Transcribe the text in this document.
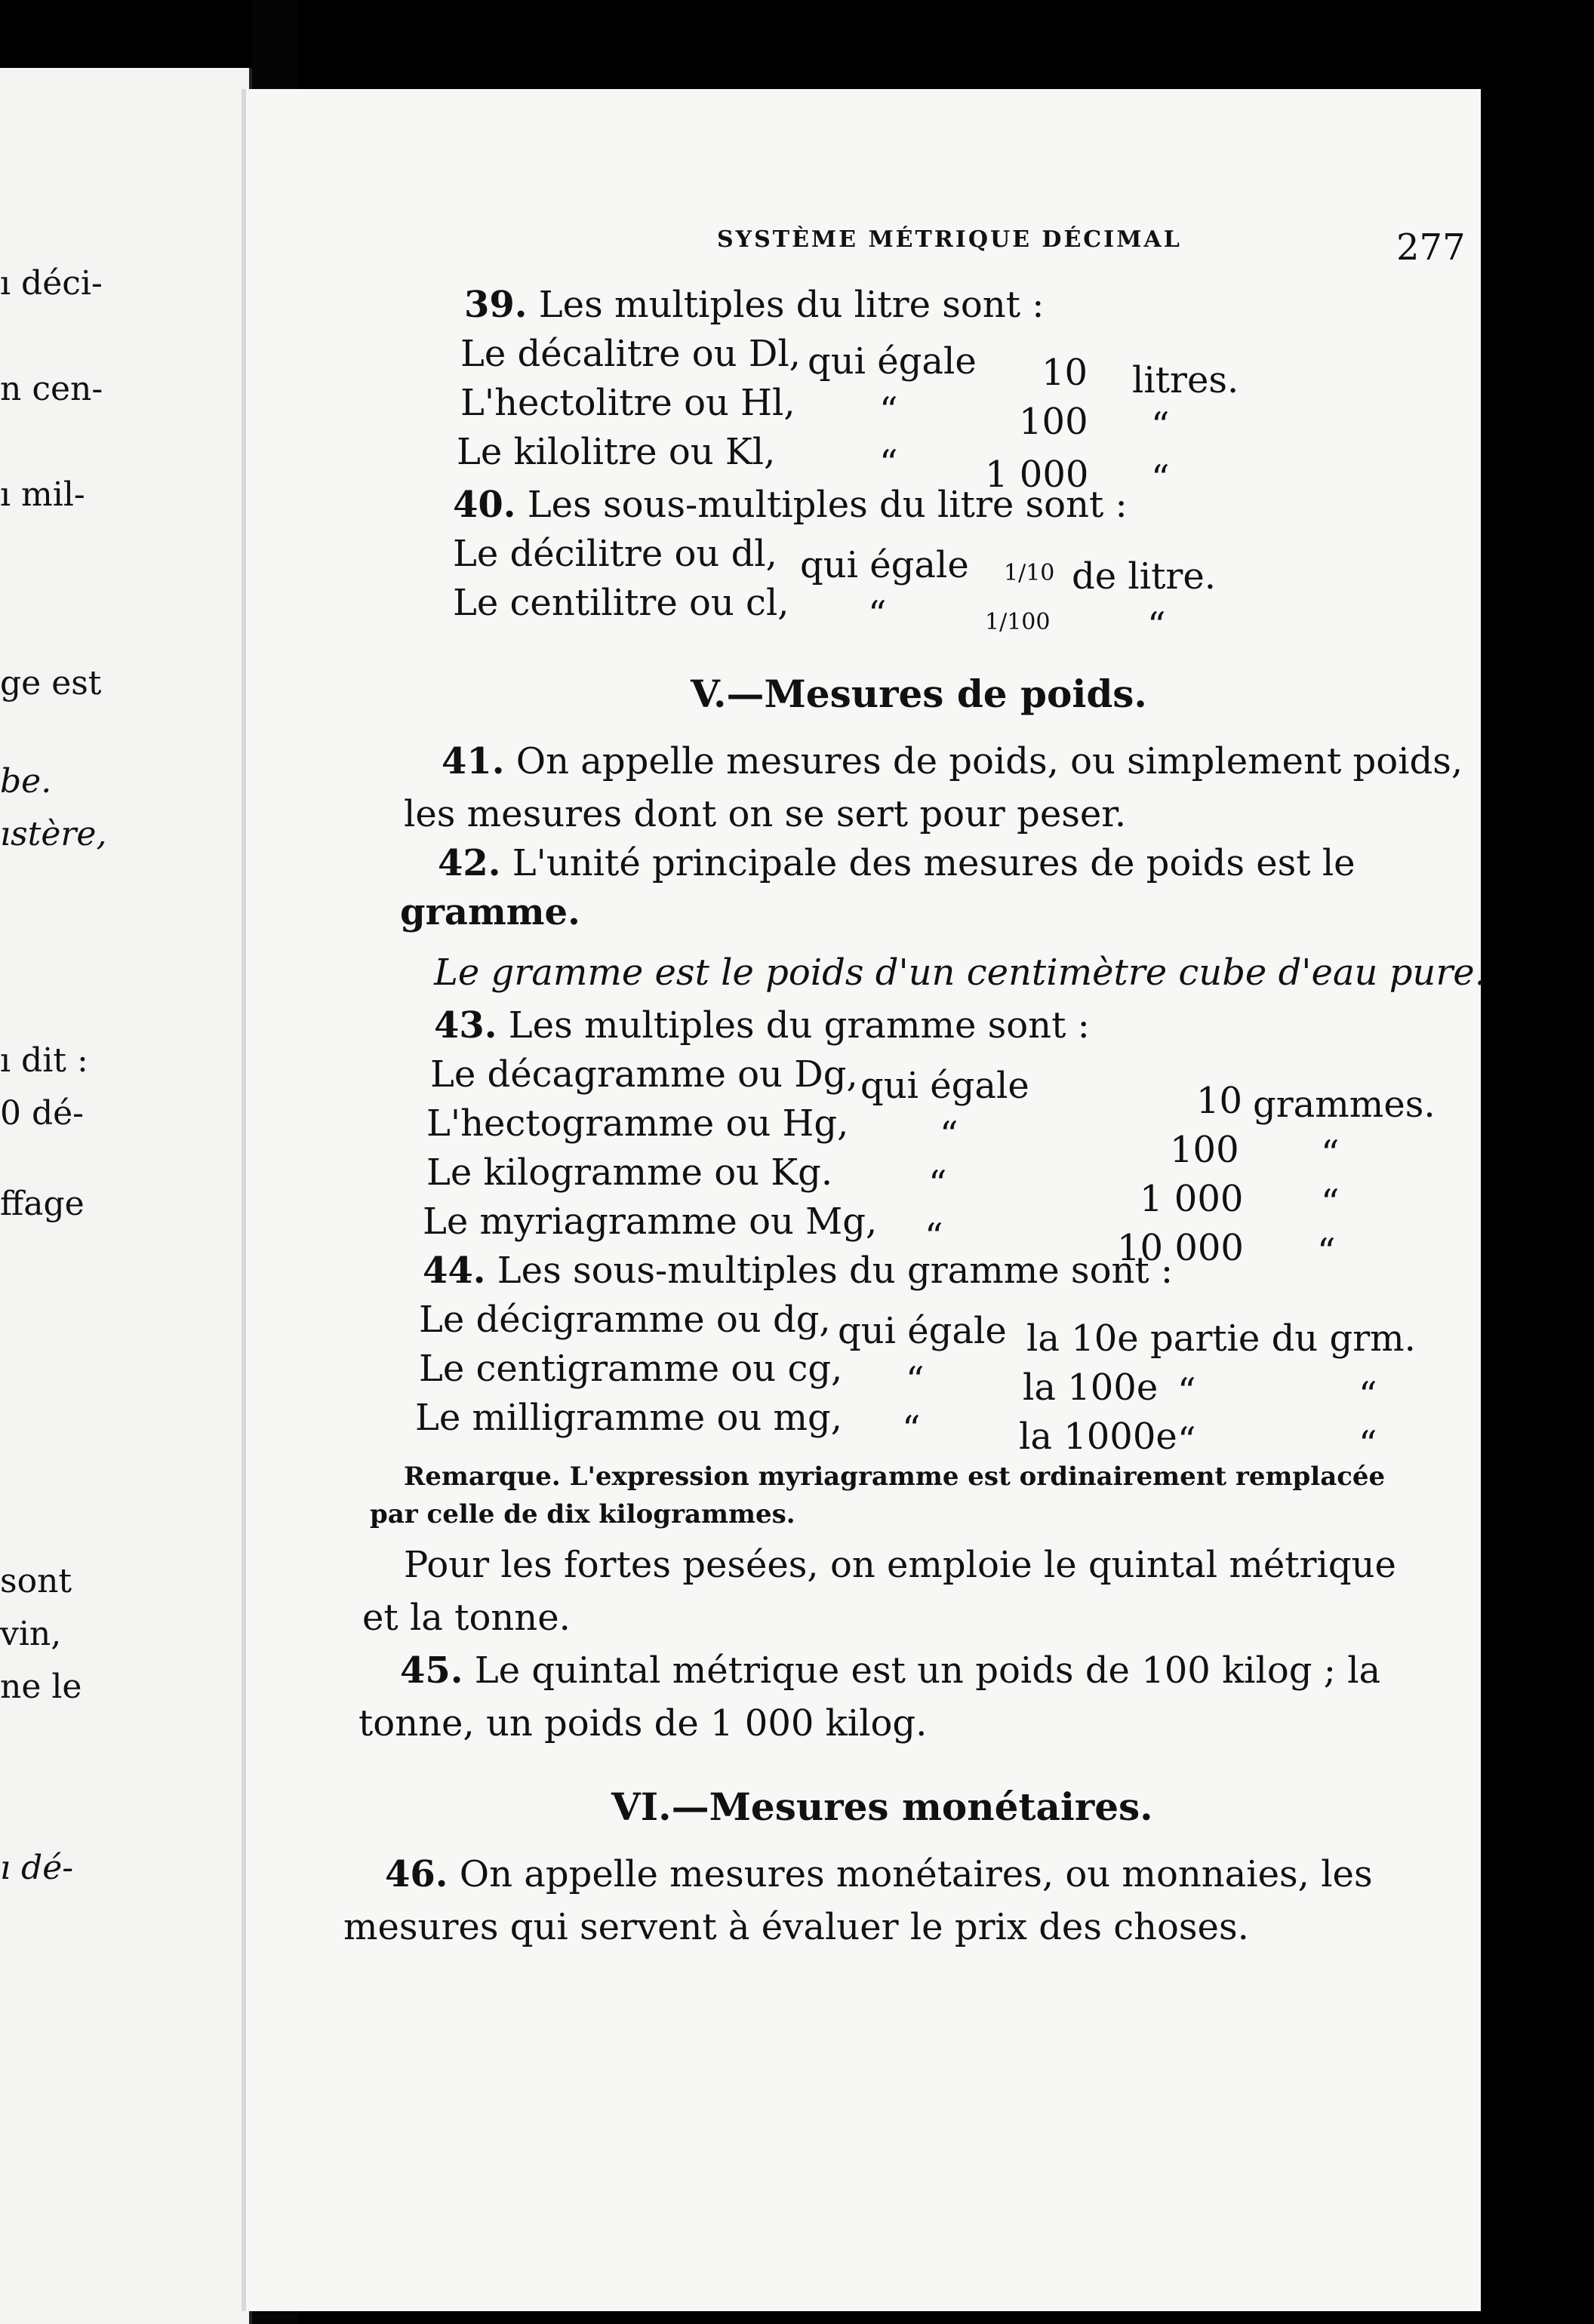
ı déci-
n cen-
ı mil-
ge est
be.
ıstère,
ı dit :
0 dé-
ffage
sont
vin,
ne le
ı dé-
SYSTÈME MÉTRIQUE DÉCIMAL	277
39. Les multiples du litre sont :
Le décalitre ou Dl, qui égale 10 litres.
L'hectolitre ou Hl, “	100 “
Le kilolitre ou Kl,	“ 1 000 “
40. Les sous-multiples du litre sont :
Le décilitre ou dl, qui égale 1/10 de litre.
Le centilitre ou cl, “	1/100	“
V.—Mesures de poids.
41. On appelle mesures de poids, ou simplement poids,
les mesures dont on se sert pour peser.
42. L'unité principale des mesures de poids est le
gramme.
Le gramme est le poids d'un centimètre cube d'eau pure.
43. Les multiples du gramme sont :
Le décagramme ou Dg, qui égale	10 grammes.
L'hectogramme ou Hg,	“	100 “
Le kilogramme ou Kg.	“	1 000 “
Le myriagramme ou Mg, “	10 000 “
44. Les sous-multiples du gramme sont :
Le décigramme ou dg, qui égale la 10e partie du grm.
Le centigramme ou cg, “	la 100e “	“
Le milligramme ou mg, “	la 1000e “	“
Remarque. L'expression myriagramme est ordinairement remplacée
par celle de dix kilogrammes.
Pour les fortes pesées, on emploie le quintal métrique
et la tonne.
45. Le quintal métrique est un poids de 100 kilog ; la
tonne, un poids de 1 000 kilog.
VI.—Mesures monétaires.
46. On appelle mesures monétaires, ou monnaies, les
mesures qui servent à évaluer le prix des choses.
